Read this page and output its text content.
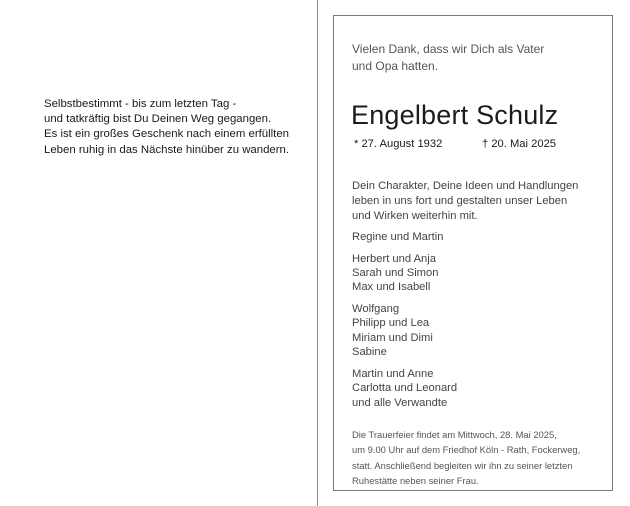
Selbstbestimmt - bis zum letzten Tag -
und tatkräftig bist Du Deinen Weg gegangen.
Es ist ein großes Geschenk nach einem erfüllten
Leben ruhig in das Nächste hinüber zu wandern.
Vielen Dank, dass wir Dich als Vater
und Opa hatten.
Engelbert Schulz
* 27. August 1932	† 20. Mai 2025
Dein Charakter, Deine Ideen und Handlungen
leben in uns fort und gestalten unser Leben
und Wirken weiterhin mit.
Regine und Martin
Herbert und Anja
Sarah und Simon
Max und Isabell
Wolfgang
Philipp und Lea
Miriam und Dimi
Sabine
Martin und Anne
Carlotta und Leonard
und alle Verwandte
Die Trauerfeier findet am Mittwoch, 28. Mai 2025,
um 9.00 Uhr auf dem Friedhof Köln - Rath, Fockerweg,
statt. Anschließend begleiten wir ihn zu seiner letzten
Ruhestätte neben seiner Frau.
